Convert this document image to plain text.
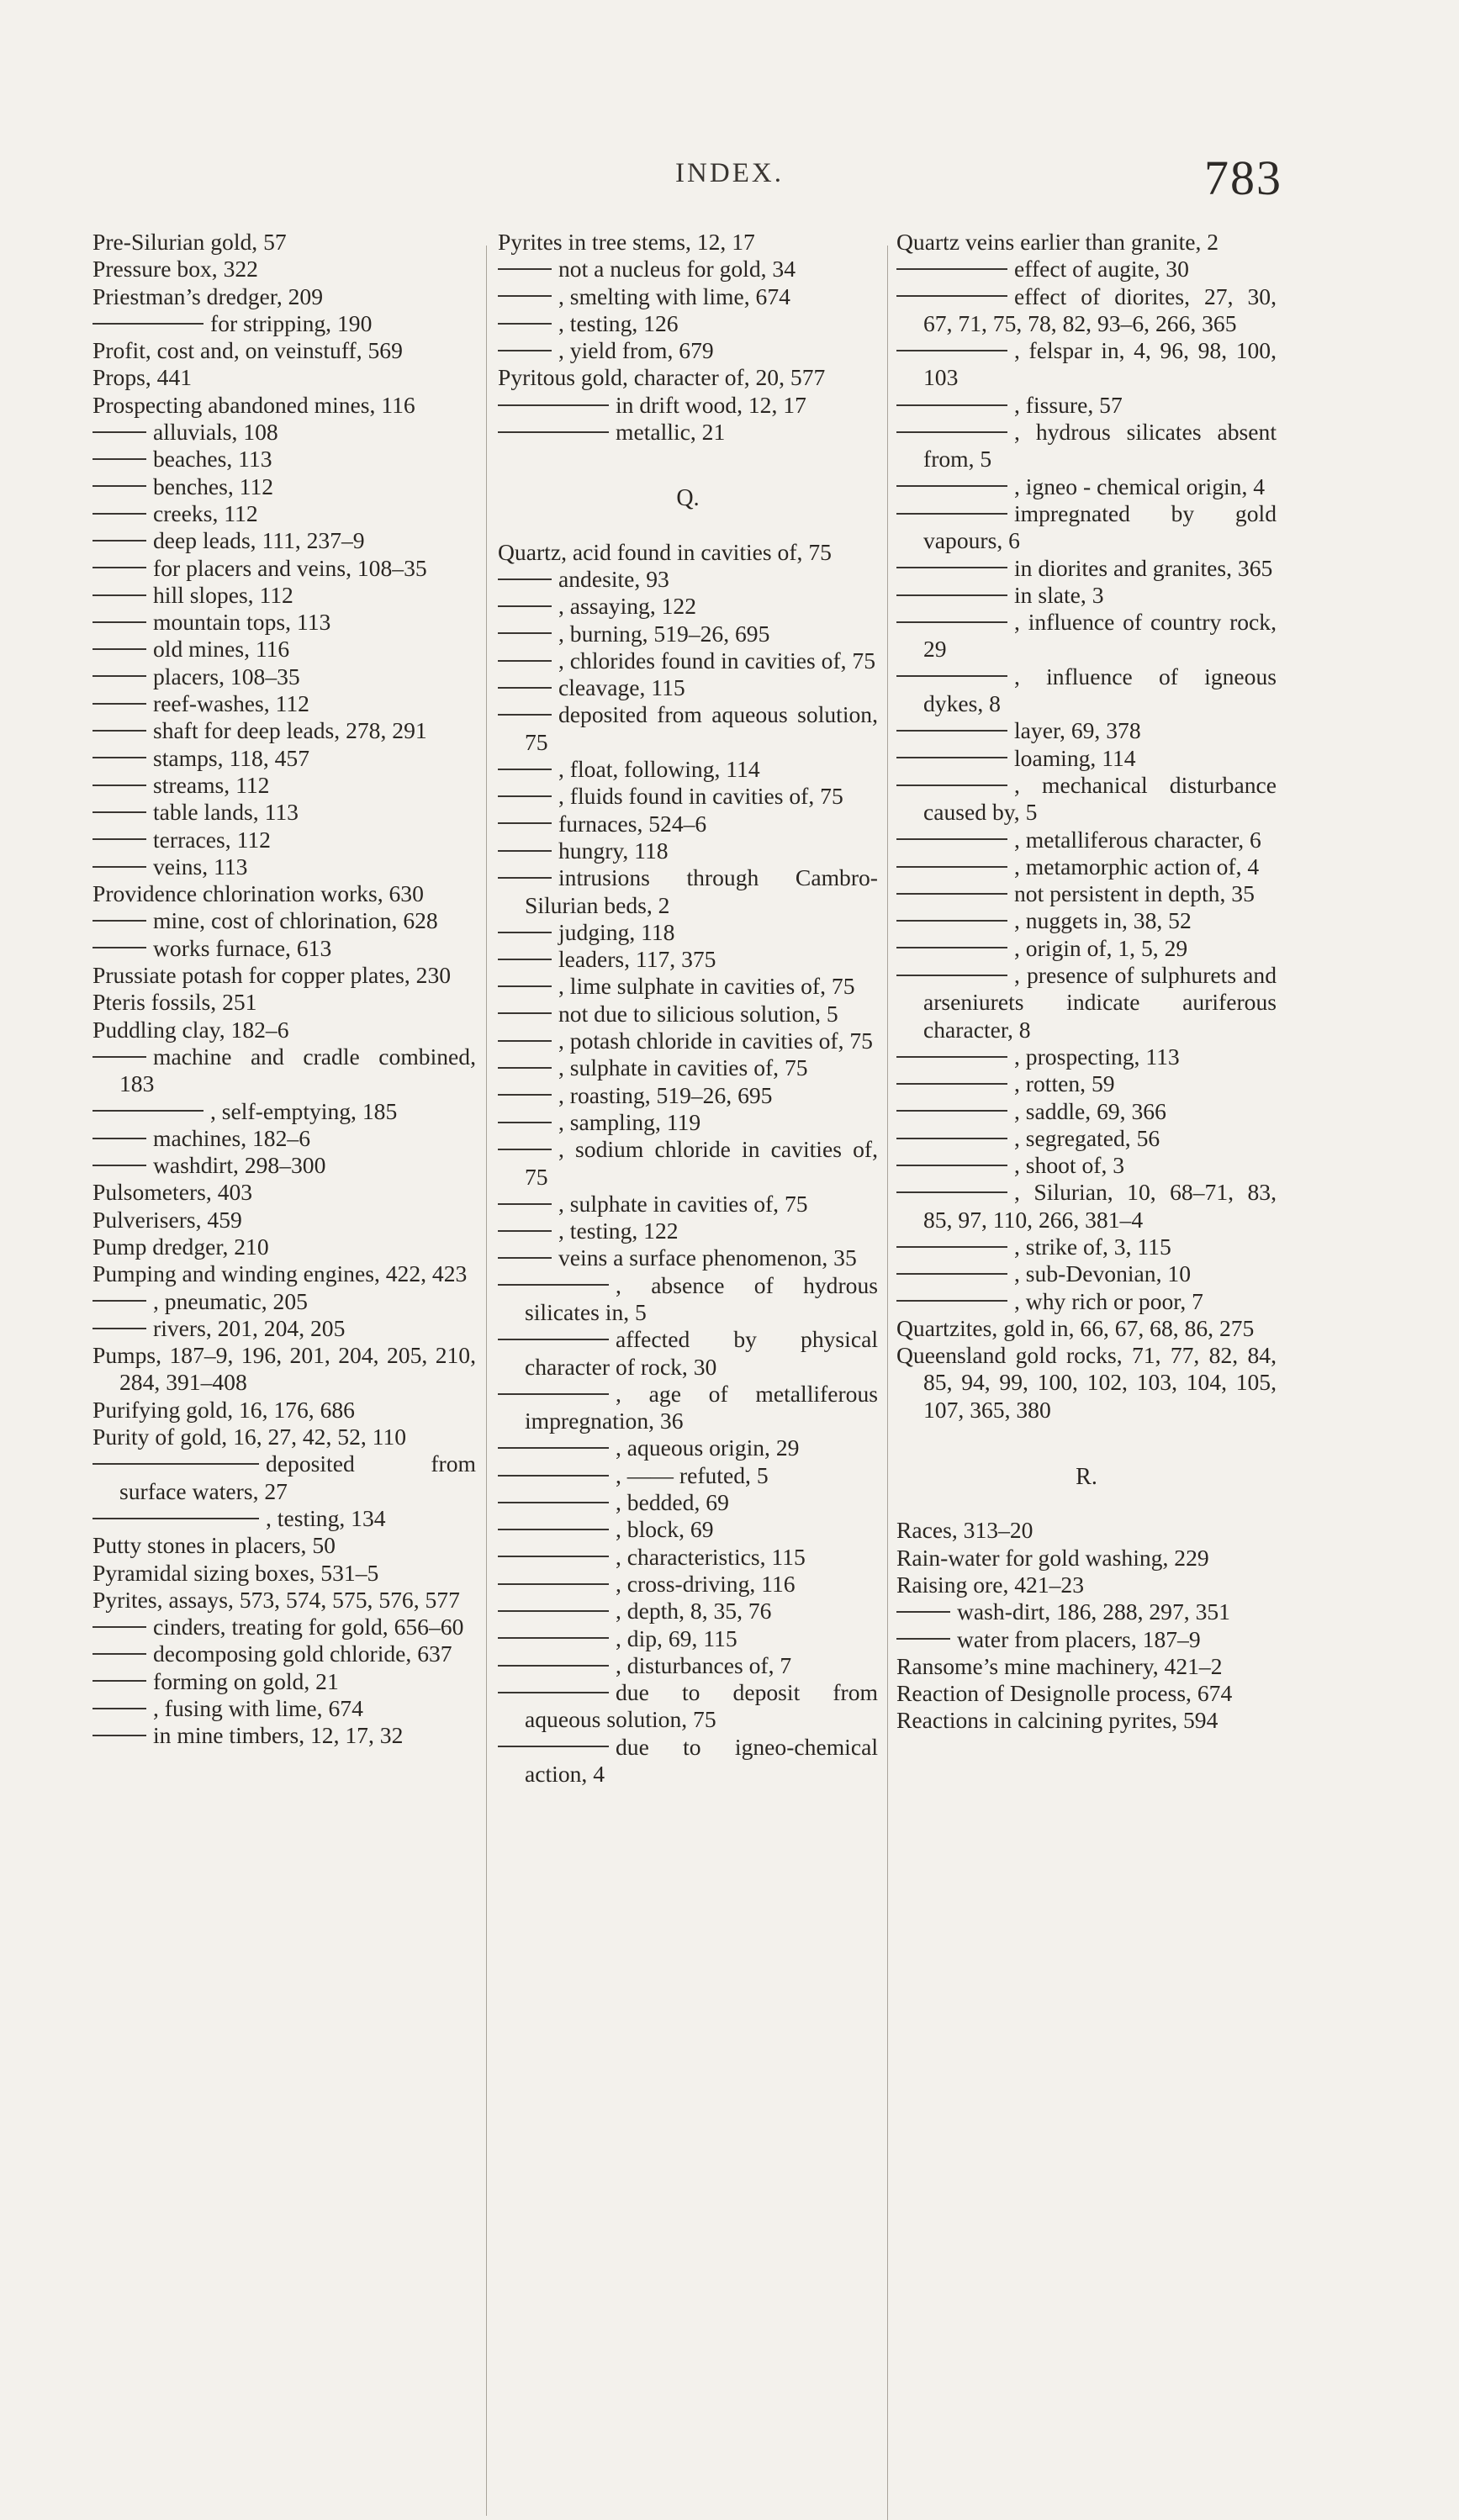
INDEX.	783
Pre-Silurian gold, 57
Pressure box, 322
Priestman’s dredger, 209
for stripping, 190
Profit, cost and, on veinstuff, 569
Props, 441
Prospecting abandoned mines, 116
alluvials, 108
beaches, 113
benches, 112
creeks, 112
deep leads, 111, 237–9
for placers and veins, 108–35
hill slopes, 112
mountain tops, 113
old mines, 116
placers, 108–35
reef-washes, 112
shaft for deep leads, 278, 291
stamps, 118, 457
streams, 112
table lands, 113
terraces, 112
veins, 113
Providence chlorination works, 630
mine, cost of chlorination, 628
works furnace, 613
Prussiate potash for copper plates, 230
Pteris fossils, 251
Puddling clay, 182–6
machine and cradle combined, 183
, self-emptying, 185
machines, 182–6
washdirt, 298–300
Pulsometers, 403
Pulverisers, 459
Pump dredger, 210
Pumping and winding engines, 422, 423
, pneumatic, 205
rivers, 201, 204, 205
Pumps, 187–9, 196, 201, 204, 205, 210, 284, 391–408
Purifying gold, 16, 176, 686
Purity of gold, 16, 27, 42, 52, 110
deposited from surface waters, 27
, testing, 134
Putty stones in placers, 50
Pyramidal sizing boxes, 531–5
Pyrites, assays, 573, 574, 575, 576, 577
cinders, treating for gold, 656–60
decomposing gold chloride, 637
forming on gold, 21
, fusing with lime, 674
in mine timbers, 12, 17, 32
Pyrites in tree stems, 12, 17
not a nucleus for gold, 34
, smelting with lime, 674
, testing, 126
, yield from, 679
Pyritous gold, character of, 20, 577
in drift wood, 12, 17
metallic, 21
Q.
Quartz, acid found in cavities of, 75
andesite, 93
, assaying, 122
, burning, 519–26, 695
, chlorides found in cavities of, 75
cleavage, 115
deposited from aqueous solution, 75
, float, following, 114
, fluids found in cavities of, 75
furnaces, 524–6
hungry, 118
intrusions through Cambro-Silurian beds, 2
judging, 118
leaders, 117, 375
, lime sulphate in cavities of, 75
not due to silicious solution, 5
, potash chloride in cavities of, 75
, sulphate in cavities of, 75
, roasting, 519–26, 695
, sampling, 119
, sodium chloride in cavities of, 75
, sulphate in cavities of, 75
, testing, 122
veins a surface phenomenon, 35
, absence of hydrous silicates in, 5
affected by physical character of rock, 30
, age of metalliferous impregnation, 36
, aqueous origin, 29
, —— refuted, 5
, bedded, 69
, block, 69
, characteristics, 115
, cross-driving, 116
, depth, 8, 35, 76
, dip, 69, 115
, disturbances of, 7
due to deposit from aqueous solution, 75
due to igneo-chemical action, 4
Quartz veins earlier than granite, 2
effect of augite, 30
effect of diorites, 27, 30, 67, 71, 75, 78, 82, 93–6, 266, 365
, felspar in, 4, 96, 98, 100, 103
, fissure, 57
, hydrous silicates absent from, 5
, igneo - chemical origin, 4
impregnated by gold vapours, 6
in diorites and granites, 365
in slate, 3
, influence of country rock, 29
, influence of igneous dykes, 8
layer, 69, 378
loaming, 114
, mechanical disturbance caused by, 5
, metalliferous character, 6
, metamorphic action of, 4
not persistent in depth, 35
, nuggets in, 38, 52
, origin of, 1, 5, 29
, presence of sulphurets and arseniurets indicate auriferous character, 8
, prospecting, 113
, rotten, 59
, saddle, 69, 366
, segregated, 56
, shoot of, 3
, Silurian, 10, 68–71, 83, 85, 97, 110, 266, 381–4
, strike of, 3, 115
, sub-Devonian, 10
, why rich or poor, 7
Quartzites, gold in, 66, 67, 68, 86, 275
Queensland gold rocks, 71, 77, 82, 84, 85, 94, 99, 100, 102, 103, 104, 105, 107, 365, 380
R.
Races, 313–20
Rain-water for gold washing, 229
Raising ore, 421–23
wash-dirt, 186, 288, 297, 351
water from placers, 187–9
Ransome’s mine machinery, 421–2
Reaction of Designolle process, 674
Reactions in calcining pyrites, 594
